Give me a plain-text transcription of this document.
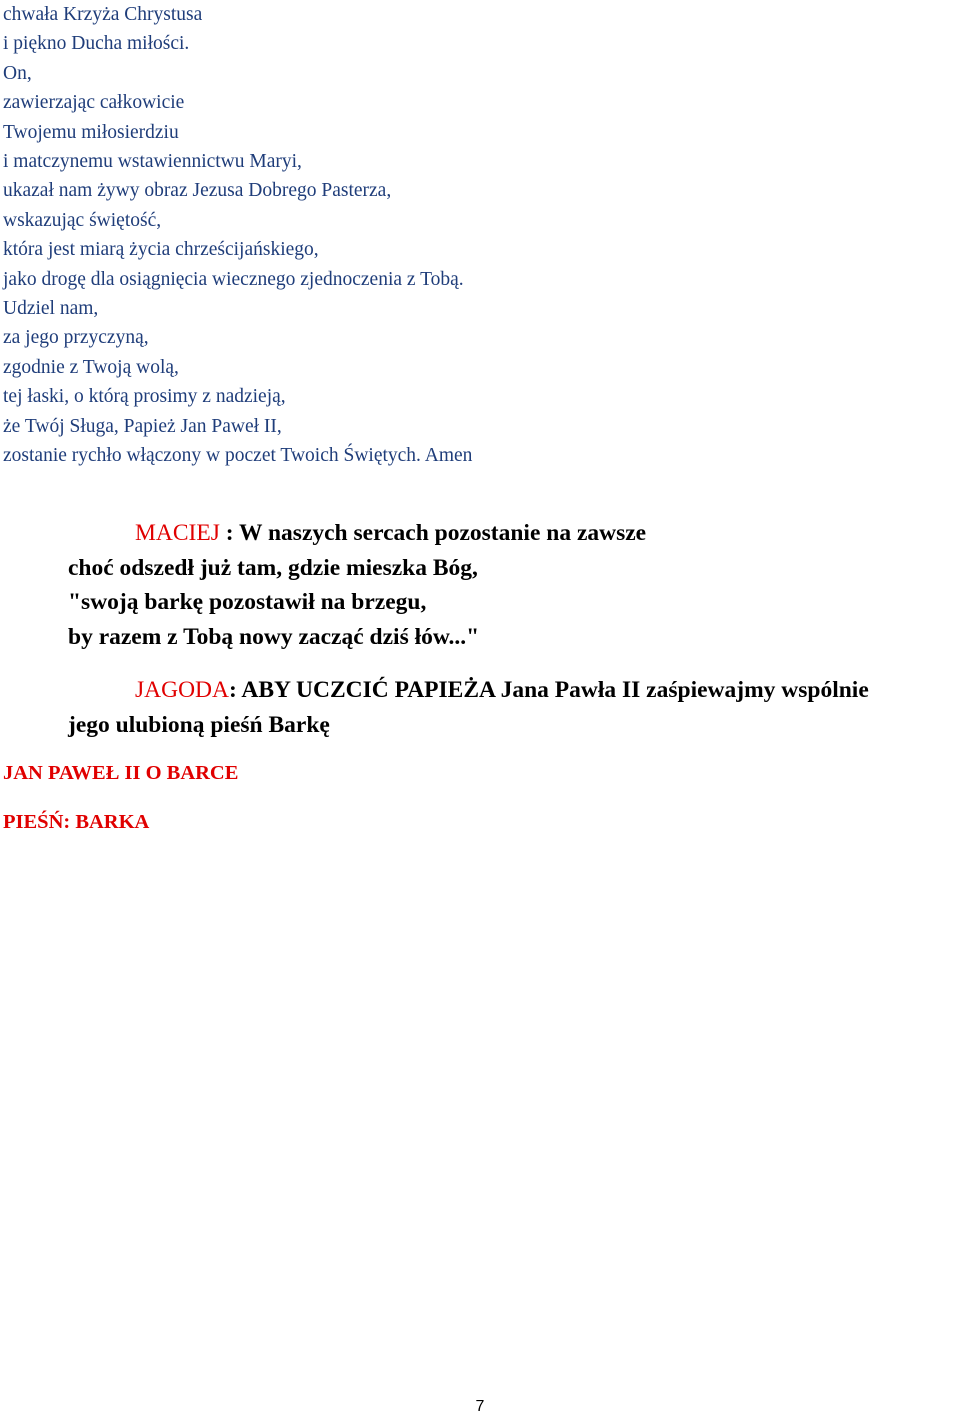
chwała Krzyża Chrystusa
i piękno Ducha miłości.
On,
zawierzając całkowicie
Twojemu miłosierdziu
i matczynemu wstawiennictwu Maryi,
ukazał nam żywy obraz Jezusa Dobrego Pasterza,
wskazując świętość,
która jest miarą życia chrześcijańskiego,
jako drogę dla osiągnięcia wiecznego zjednoczenia z Tobą.
Udziel nam,
za jego przyczyną,
zgodnie z Twoją wolą,
tej łaski, o którą prosimy z nadzieją,
że Twój Sługa, Papież Jan Paweł II,
zostanie rychło włączony w poczet Twoich Świętych. Amen
MACIEJ : W naszych sercach pozostanie na zawsze
choć odszedł już tam, gdzie mieszka Bóg,
"swoją barkę pozostawił na brzegu,
by razem z Tobą nowy zacząć dziś łów..."
JAGODA: ABY UCZCIĆ PAPIEŻA Jana Pawła II zaśpiewajmy wspólnie
jego ulubioną pieśń Barkę
JAN PAWEŁ II O BARCE
PIEŚŃ: BARKA
7
